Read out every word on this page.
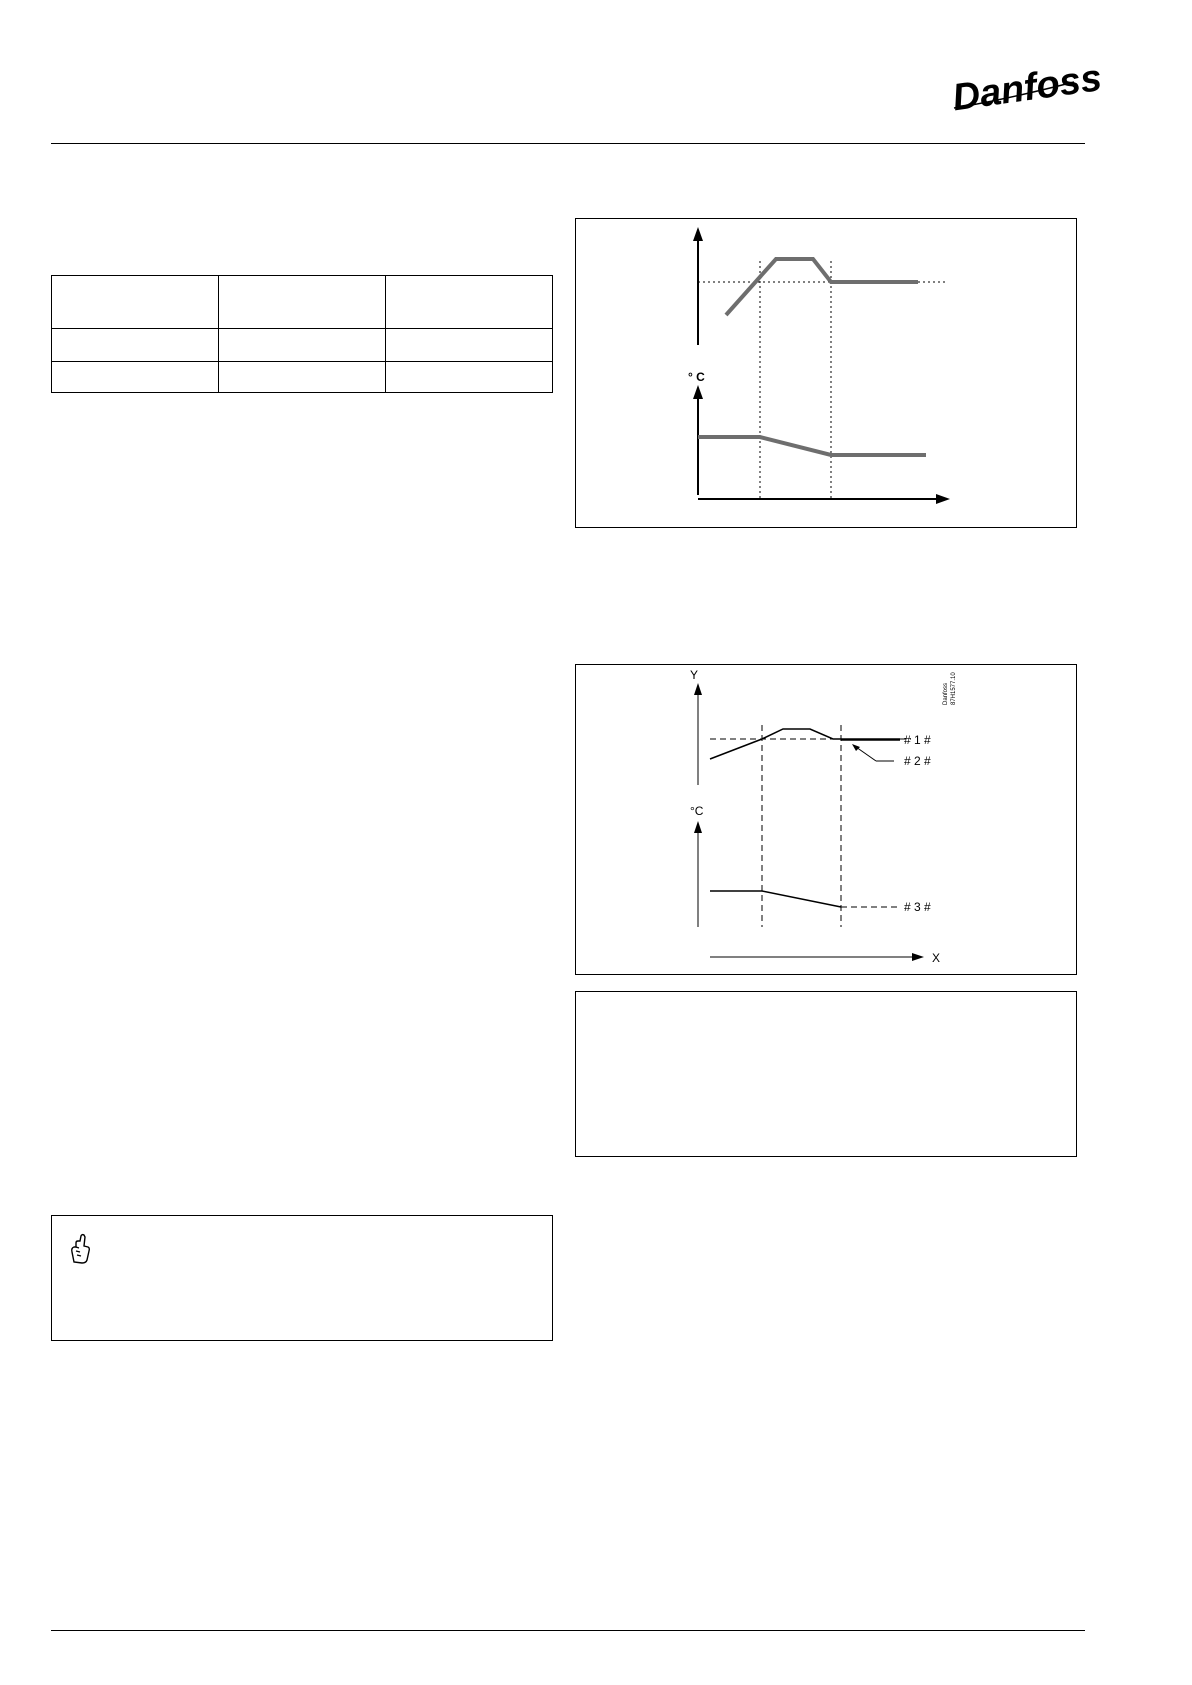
Danfoss

° C
Y
# 1 #
# 2 #
°C
# 3 #
X
Danfoss 87H1577.10
